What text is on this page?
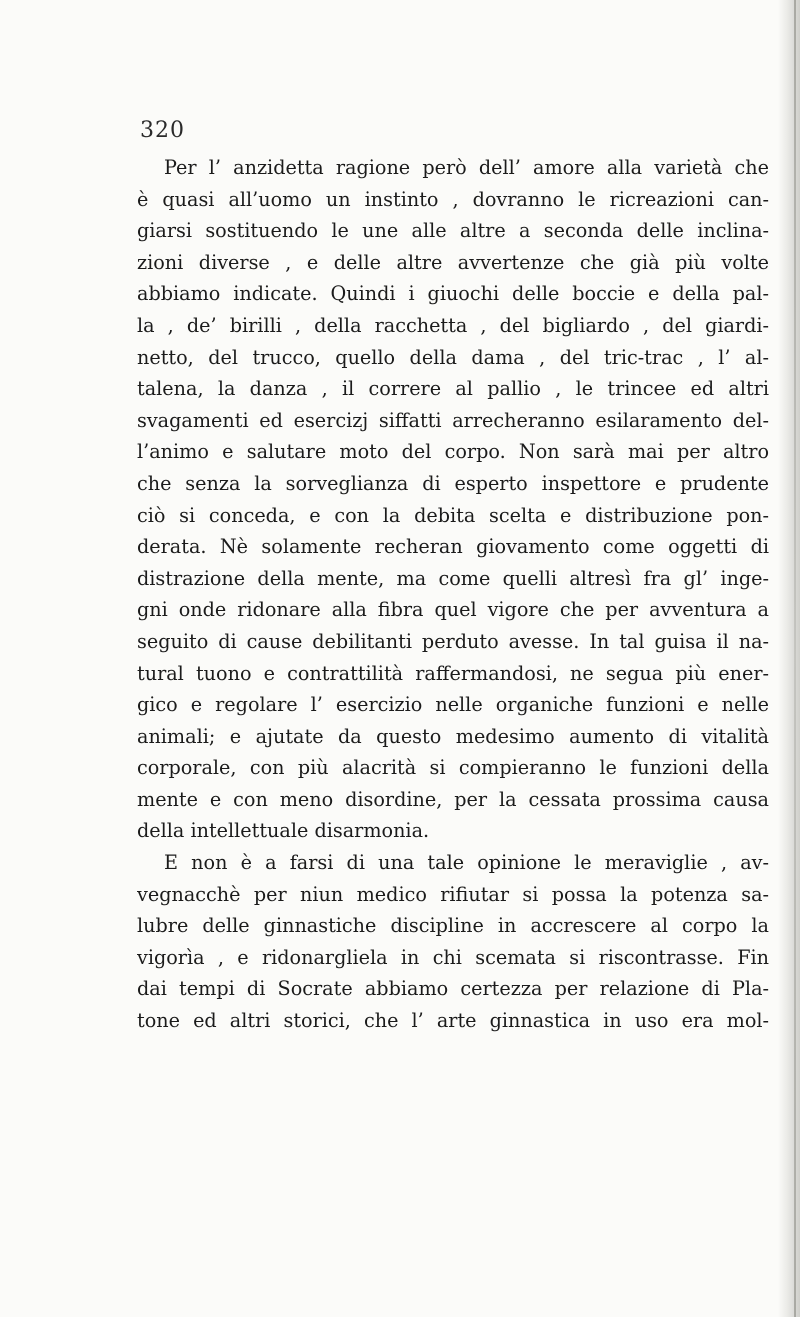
320
Per l’ anzidetta ragione però dell’ amore alla varietà che
è quasi all’uomo un instinto , dovranno le ricreazioni can-
giarsi sostituendo le une alle altre a seconda delle inclina-
zioni diverse , e delle altre avvertenze che già più volte
abbiamo indicate. Quindi i giuochi delle boccie e della pal-
la , de’ birilli , della racchetta , del bigliardo , del giardi-
netto, del trucco, quello della dama , del tric-trac , l’ al-
talena, la danza , il correre al pallio , le trincee ed altri
svagamenti ed esercizj siffatti arrecheranno esilaramento del-
l’animo e salutare moto del corpo. Non sarà mai per altro
che senza la sorveglianza di esperto inspettore e prudente
ciò si conceda, e con la debita scelta e distribuzione pon-
derata. Nè solamente recheran giovamento come oggetti di
distrazione della mente, ma come quelli altresì fra gl’ inge-
gni onde ridonare alla fibra quel vigore che per avventura a
seguito di cause debilitanti perduto avesse. In tal guisa il na-
tural tuono e contrattilità raffermandosi, ne segua più ener-
gico e regolare l’ esercizio nelle organiche funzioni e nelle
animali; e ajutate da questo medesimo aumento di vitalità
corporale, con più alacrità si compieranno le funzioni della
mente e con meno disordine, per la cessata prossima causa
della intellettuale disarmonia.
E non è a farsi di una tale opinione le meraviglie , av-
vegnacchè per niun medico rifiutar si possa la potenza sa-
lubre delle ginnastiche discipline in accrescere al corpo la
vigorìa , e ridonargliela in chi scemata si riscontrasse. Fin
dai tempi di Socrate abbiamo certezza per relazione di Pla-
tone ed altri storici, che l’ arte ginnastica in uso era mol-
